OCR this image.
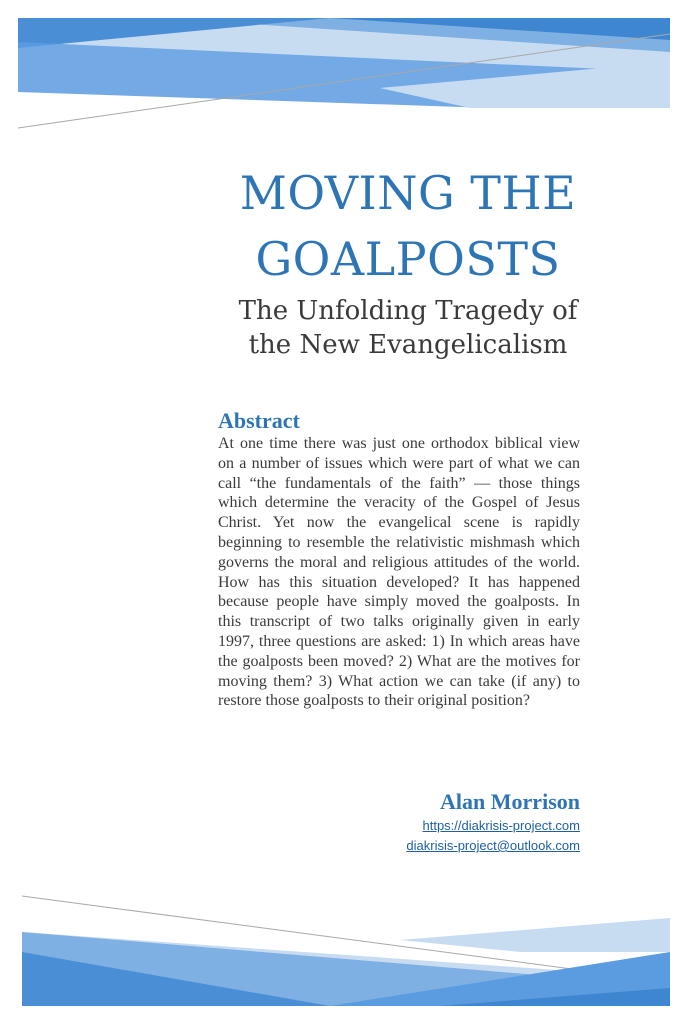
MOVING THE
GOALPOSTS
The Unfolding Tragedy of
the New Evangelicalism
Abstract

At one time there was just one orthodox biblical view on a number of issues which were part of what we can call “the fundamentals of the faith” — those things which determine the veracity of the Gospel of Jesus Christ. Yet now the evangelical scene is rapidly beginning to resemble the relativistic mishmash which governs the moral and religious attitudes of the world. How has this situation developed? It has happened because people have simply moved the goalposts. In this transcript of two talks originally given in early 1997, three questions are asked: 1) In which areas have the goalposts been moved? 2) What are the motives for moving them? 3) What action we can take (if any) to restore those goalposts to their original position?

Alan Morrison
https://diakrisis-project.com
diakrisis-project@outlook.com
